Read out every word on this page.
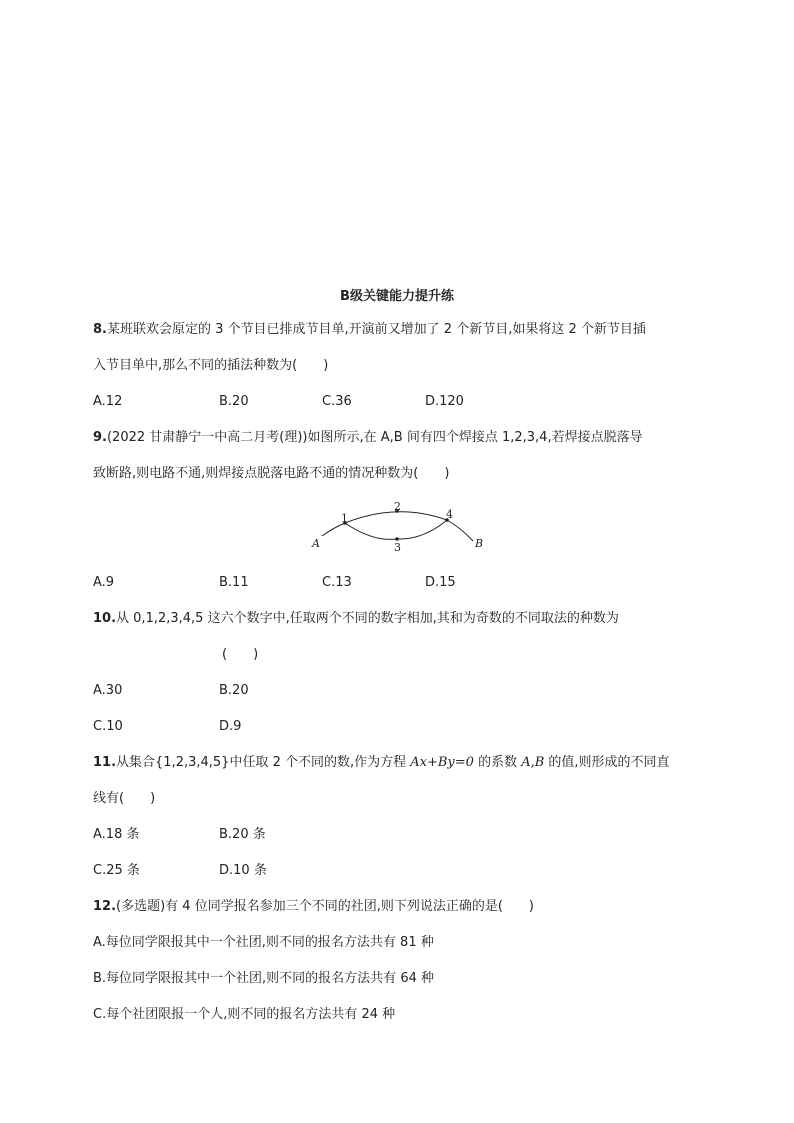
B级关键能力提升练
8.某班联欢会原定的 3 个节目已排成节目单,开演前又增加了 2 个新节目,如果将这 2 个新节目插
入节目单中,那么不同的插法种数为(　　)
A.12	B.20	C.36	D.120
9.(2022 甘肃静宁一中高二月考(理))如图所示,在 A,B 间有四个焊接点 1,2,3,4,若焊接点脱落导
致断路,则电路不通,则焊接点脱落电路不通的情况种数为(　　)
A	B
1
2
3
4
A.9	B.11	C.13	D.15
10.从 0,1,2,3,4,5 这六个数字中,任取两个不同的数字相加,其和为奇数的不同取法的种数为
(　　)
A.30	B.20
C.10	D.9
11.从集合{1,2,3,4,5}中任取 2 个不同的数,作为方程 Ax+By=0 的系数 A,B 的值,则形成的不同直
线有(　　)
A.18 条	B.20 条
C.25 条	D.10 条
12.(多选题)有 4 位同学报名参加三个不同的社团,则下列说法正确的是(　　)
A.每位同学限报其中一个社团,则不同的报名方法共有 81 种
B.每位同学限报其中一个社团,则不同的报名方法共有 64 种
C.每个社团限报一个人,则不同的报名方法共有 24 种
